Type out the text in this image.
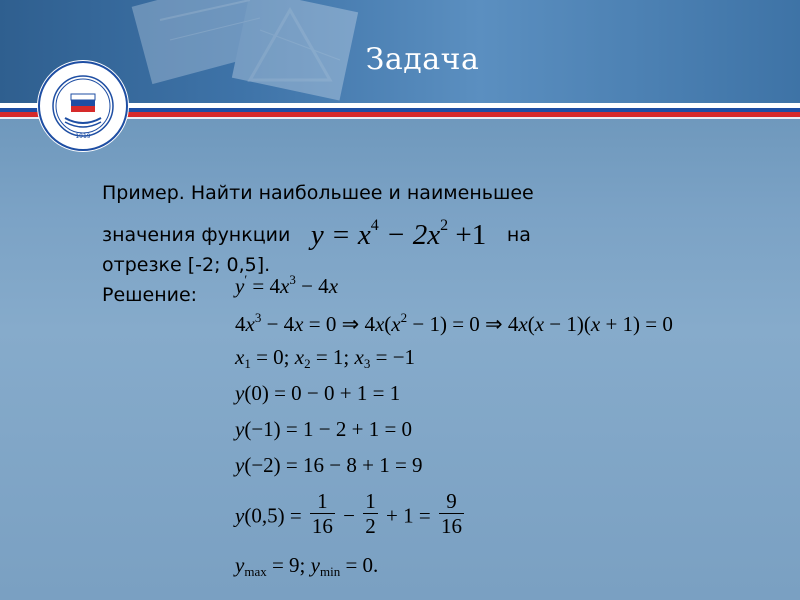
Задача
1919
Пример. Найти наибольшее и наименьшее
значения функции   $y = x^4 - 2x^2 +1$ на
отрезке [-2; 0,5].
Решение:	$y' = 4x^3 - 4x$
$4x^3 - 4x = 0$ ⇒ $4x(x^2 - 1) = 0$ ⇒ 4x(x − 1)(x + 1) = 0
$x_1 = 0$; $x_2 = 1$; $x_3 = -1$
y(0) = 0 − 0 + 1 = 1
y(−1) = 1 − 2 + 1 = 0
y(−2) = 16 − 8 + 1 = 9
$y(0,5) = \frac{1}{16} - \frac{1}{2} + 1 = \frac{9}{16}$
$y_{max} = 9$; $y_{min} = 0$.
